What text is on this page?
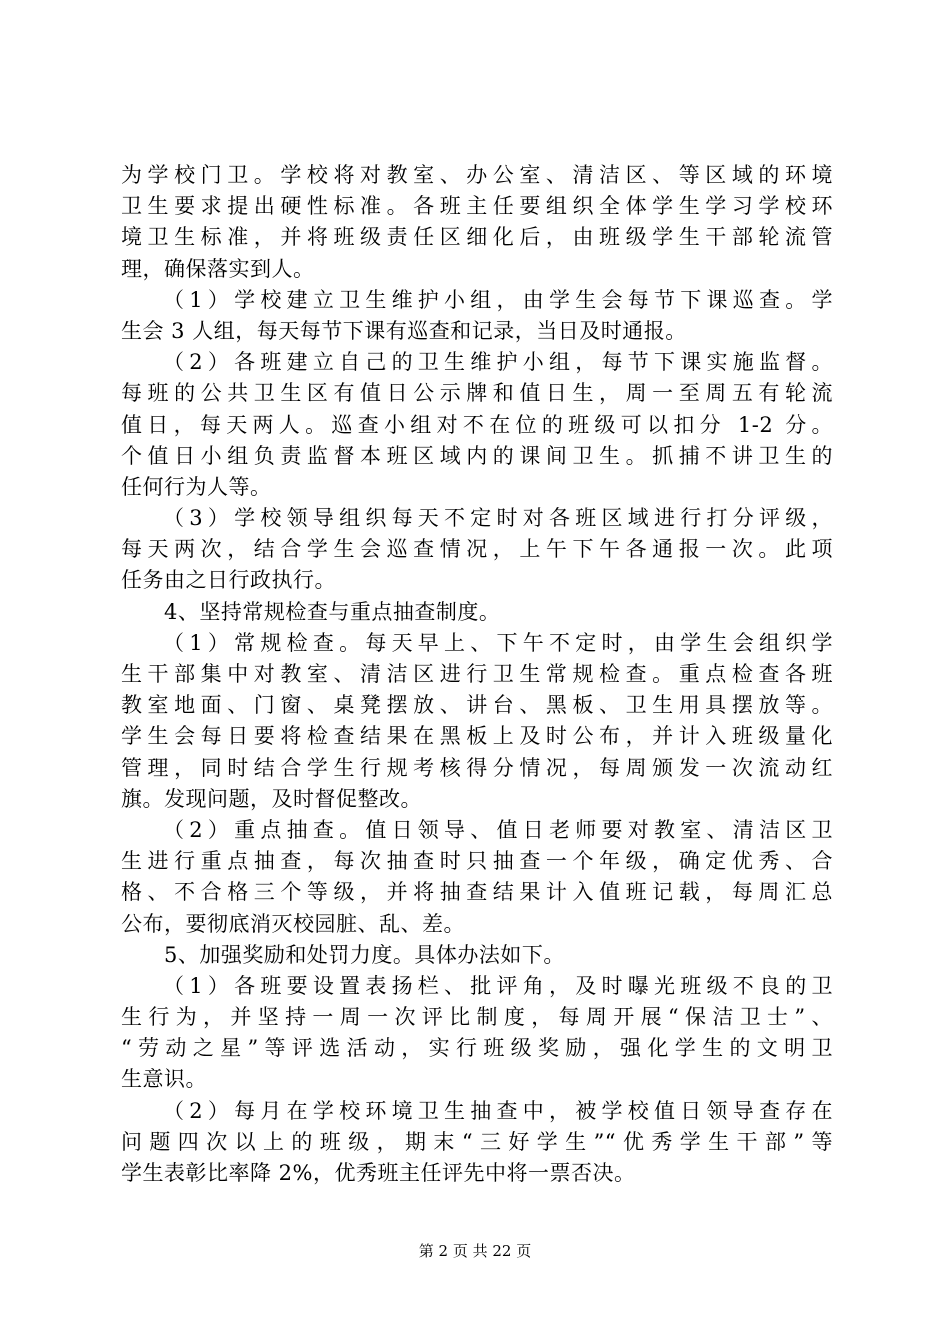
为学校门卫。学校将对教室、办公室、清洁区、等区域的环境
卫生要求提出硬性标准。各班主任要组织全体学生学习学校环
境卫生标准，并将班级责任区细化后，由班级学生干部轮流管
理，确保落实到人。
　　（1）学校建立卫生维护小组，由学生会每节下课巡查。学
生会 3 人组，每天每节下课有巡查和记录，当日及时通报。
　　（2）各班建立自己的卫生维护小组，每节下课实施监督。
每班的公共卫生区有值日公示牌和值日生，周一至周五有轮流
值日，每天两人。巡查小组对不在位的班级可以扣分 1-2 分。
个值日小组负责监督本班区域内的课间卫生。抓捕不讲卫生的
任何行为人等。
　　（3）学校领导组织每天不定时对各班区域进行打分评级，
每天两次，结合学生会巡查情况，上午下午各通报一次。此项
任务由之日行政执行。
　　4、坚持常规检查与重点抽查制度。
　　（1）常规检查。每天早上、下午不定时，由学生会组织学
生干部集中对教室、清洁区进行卫生常规检查。重点检查各班
教室地面、门窗、桌凳摆放、讲台、黑板、卫生用具摆放等。
学生会每日要将检查结果在黑板上及时公布，并计入班级量化
管理，同时结合学生行规考核得分情况，每周颁发一次流动红
旗。发现问题，及时督促整改。
　　（2）重点抽查。值日领导、值日老师要对教室、清洁区卫
生进行重点抽查，每次抽查时只抽查一个年级，确定优秀、合
格、不合格三个等级，并将抽查结果计入值班记载，每周汇总
公布，要彻底消灭校园脏、乱、差。
　　5、加强奖励和处罚力度。具体办法如下。
　　（1）各班要设置表扬栏、批评角，及时曝光班级不良的卫
生行为，并坚持一周一次评比制度，每周开展“保洁卫士”、
“劳动之星”等评选活动，实行班级奖励，强化学生的文明卫
生意识。
　　（2）每月在学校环境卫生抽查中，被学校值日领导查存在
问题四次以上的班级，期末“三好学生”“优秀学生干部”等
学生表彰比率降 2%，优秀班主任评先中将一票否决。
第 2 页 共 22 页
